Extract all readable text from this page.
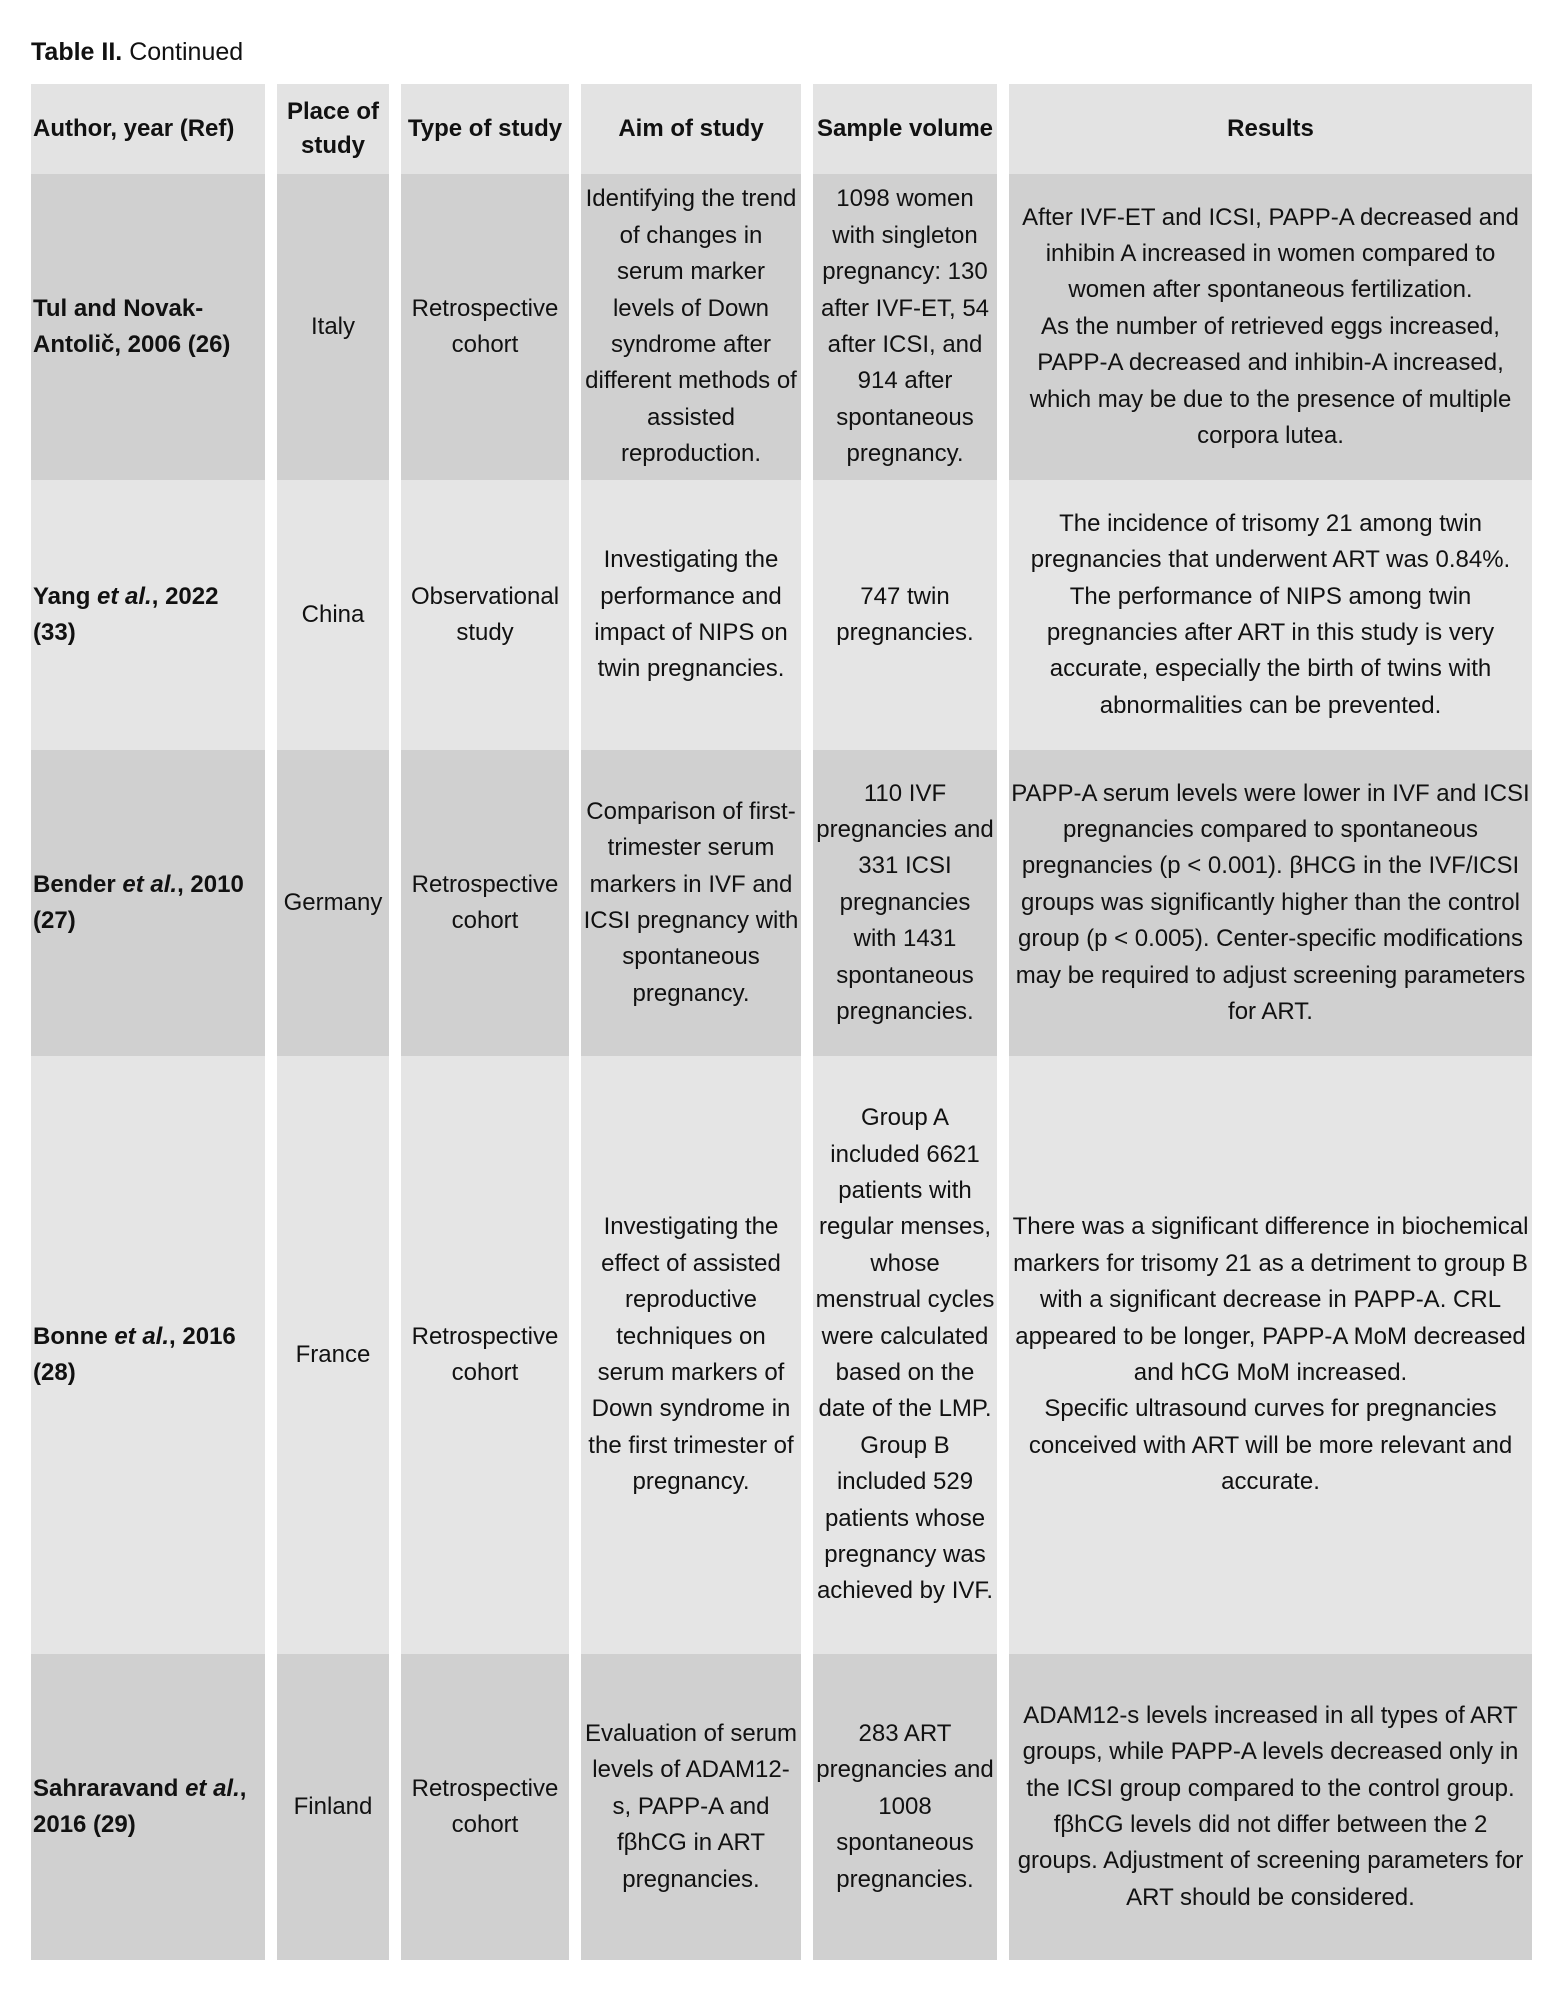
Table II. Continued
Author, year (Ref)	Place of study	Type of study	Aim of study	Sample volume	Results
Tul and Novak-Antolič, 2006 (26)	Italy	Retrospective cohort	Identifying the trend of changes in serum marker levels of Down syndrome after different methods of assisted reproduction.	1098 women with singleton pregnancy: 130 after IVF-ET, 54 after ICSI, and 914 after spontaneous pregnancy.	After IVF-ET and ICSI, PAPP-A decreased and inhibin A increased in women compared to women after spontaneous fertilization.
As the number of retrieved eggs increased, PAPP-A decreased and inhibin-A increased, which may be due to the presence of multiple corpora lutea.

Yang et al., 2022 (33)	China	Observational study	Investigating the performance and impact of NIPS on twin pregnancies.	747 twin pregnancies.	The incidence of trisomy 21 among twin pregnancies that underwent ART was 0.84%.
The performance of NIPS among twin pregnancies after ART in this study is very accurate, especially the birth of twins with abnormalities can be prevented.

Bender et al., 2010 (27)	Germany	Retrospective cohort	Comparison of first-trimester serum markers in IVF and ICSI pregnancy with spontaneous pregnancy.	110 IVF pregnancies and 331 ICSI pregnancies with 1431 spontaneous pregnancies.	PAPP-A serum levels were lower in IVF and ICSI pregnancies compared to spontaneous pregnancies (p < 0.001). βHCG in the IVF/ICSI groups was significantly higher than the control group (p < 0.005). Center-specific modifications may be required to adjust screening parameters for ART.

Bonne et al., 2016 (28)	France	Retrospective cohort	Investigating the effect of assisted reproductive techniques on serum markers of Down syndrome in the first trimester of pregnancy.	Group A included 6621 patients with regular menses, whose menstrual cycles were calculated based on the date of the LMP. Group B included 529 patients whose pregnancy was achieved by IVF.	There was a significant difference in biochemical markers for trisomy 21 as a detriment to group B with a significant decrease in PAPP-A. CRL appeared to be longer, PAPP-A MoM decreased and hCG MoM increased.
Specific ultrasound curves for pregnancies conceived with ART will be more relevant and accurate.

Sahraravand et al., 2016 (29)	Finland	Retrospective cohort	Evaluation of serum levels of ADAM12-s, PAPP-A and fβhCG in ART pregnancies.	283 ART pregnancies and 1008 spontaneous pregnancies.	ADAM12-s levels increased in all types of ART groups, while PAPP-A levels decreased only in the ICSI group compared to the control group. fβhCG levels did not differ between the 2 groups. Adjustment of screening parameters for ART should be considered.
